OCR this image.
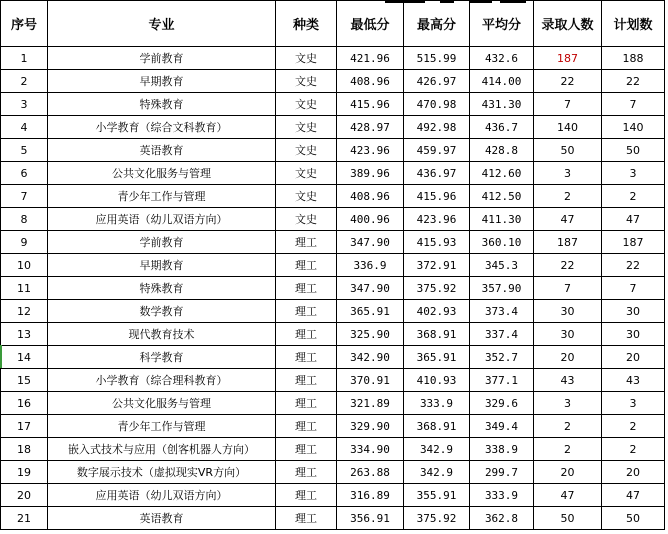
序号	专业	种类	最低分	最高分	平均分	录取人数	计划数
1	学前教育	文史	421.96	515.99	432.6	187	188
2	早期教育	文史	408.96	426.97	414.00	22	22
3	特殊教育	文史	415.96	470.98	431.30	7	7
4	小学教育（综合文科教育）	文史	428.97	492.98	436.7	140	140
5	英语教育	文史	423.96	459.97	428.8	50	50
6	公共文化服务与管理	文史	389.96	436.97	412.60	3	3
7	青少年工作与管理	文史	408.96	415.96	412.50	2	2
8	应用英语（幼儿双语方向）	文史	400.96	423.96	411.30	47	47
9	学前教育	理工	347.90	415.93	360.10	187	187
10	早期教育	理工	336.9	372.91	345.3	22	22
11	特殊教育	理工	347.90	375.92	357.90	7	7
12	数学教育	理工	365.91	402.93	373.4	30	30
13	现代教育技术	理工	325.90	368.91	337.4	30	30
14	科学教育	理工	342.90	365.91	352.7	20	20
15	小学教育（综合理科教育）	理工	370.91	410.93	377.1	43	43
16	公共文化服务与管理	理工	321.89	333.9	329.6	3	3
17	青少年工作与管理	理工	329.90	368.91	349.4	2	2
18	嵌入式技术与应用（创客机器人方向）	理工	334.90	342.9	338.9	2	2
19	数字展示技术（虚拟现实VR方向）	理工	263.88	342.9	299.7	20	20
20	应用英语（幼儿双语方向）	理工	316.89	355.91	333.9	47	47
21	英语教育	理工	356.91	375.92	362.8	50	50
